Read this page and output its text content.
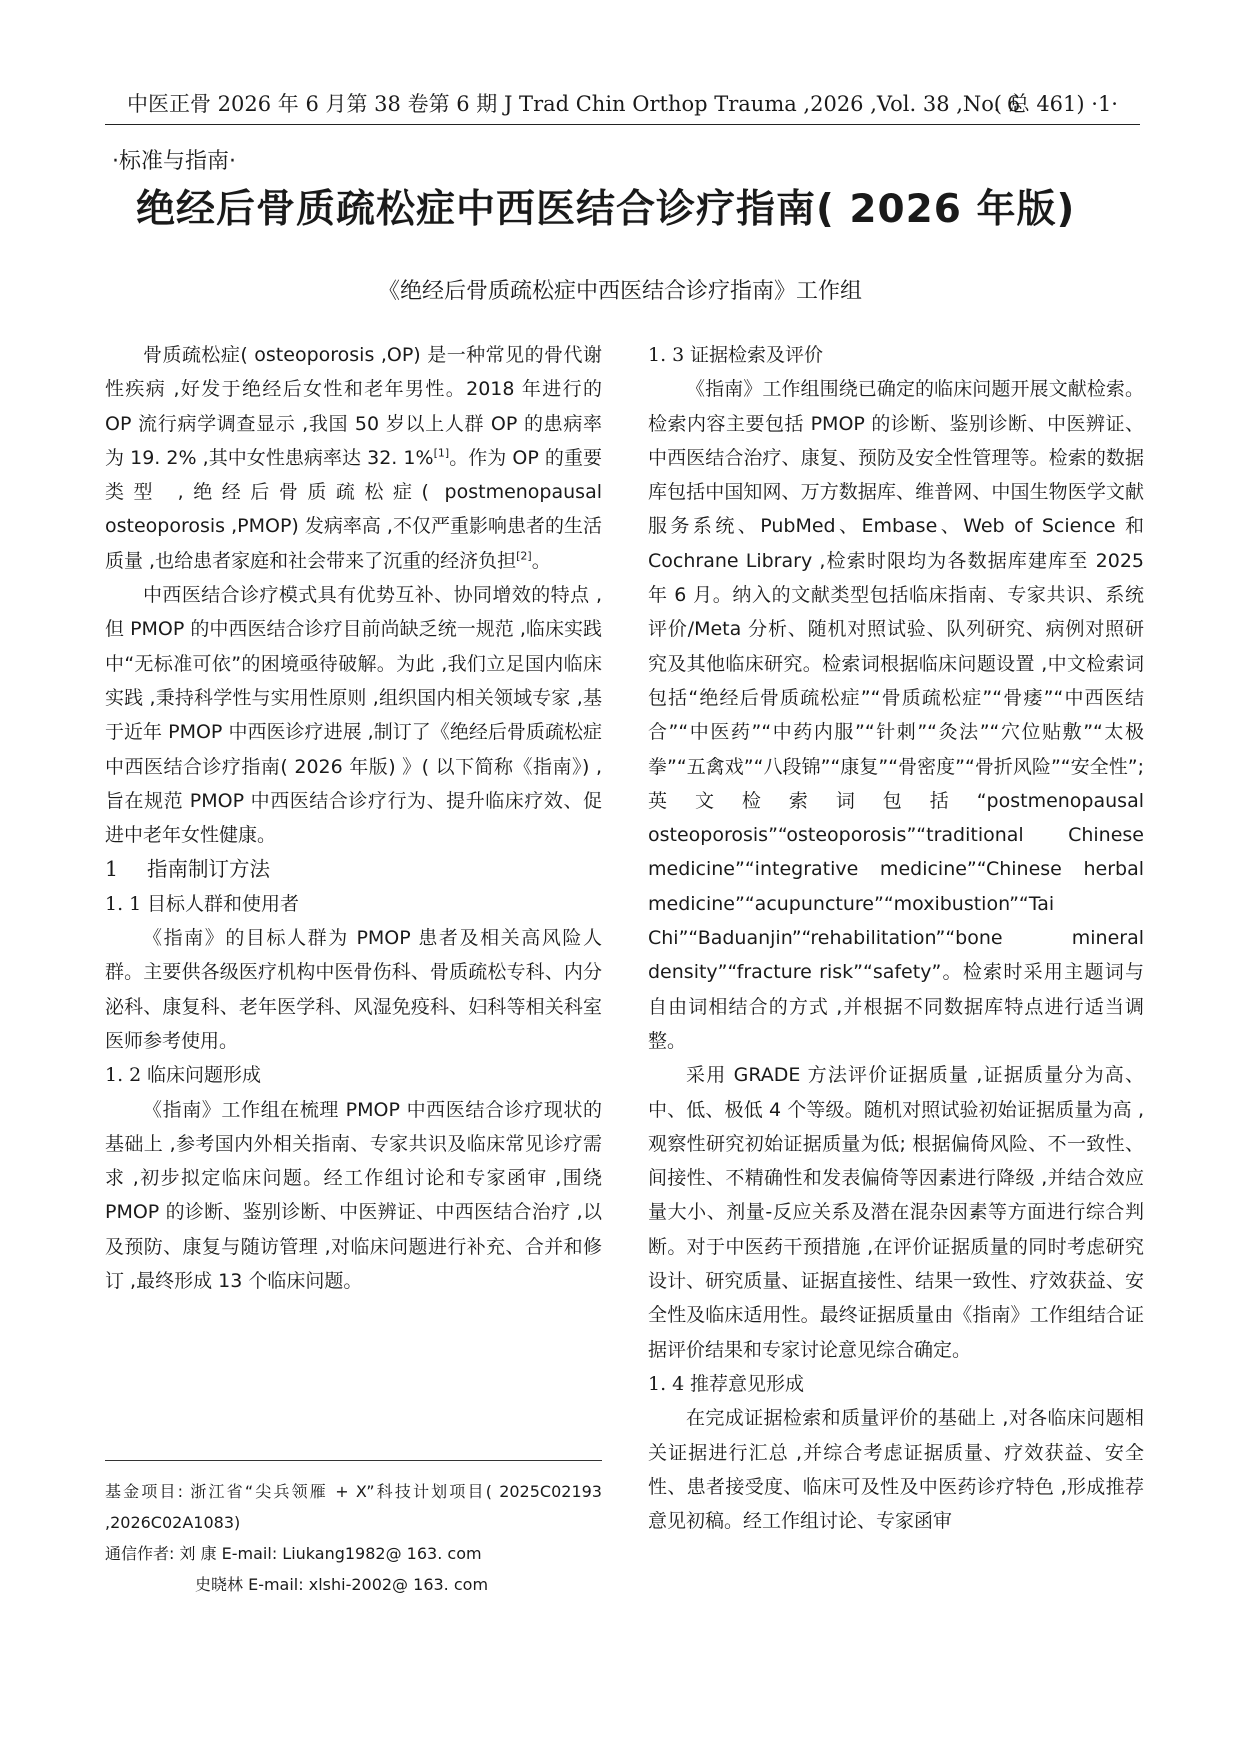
中医正骨 2026 年 6 月第 38 卷第 6 期 J Trad Chin Orthop Trauma ,2026 ,Vol. 38 ,No. 6
( 总 461) ·1·
·标准与指南·
绝经后骨质疏松症中西医结合诊疗指南( 2026 年版)
《绝经后骨质疏松症中西医结合诊疗指南》工作组

骨质疏松症( osteoporosis ,OP) 是一种常见的骨代谢性疾病 ,好发于绝经后女性和老年男性。2018 年进行的 OP 流行病学调查显示 ,我国 50 岁以上人群 OP 的患病率为 19. 2% ,其中女性患病率达 32. 1%[1]。作为 OP 的重要类型 ,绝经后骨质疏松症( postmenopausal osteoporosis ,PMOP) 发病率高 ,不仅严重影响患者的生活质量 ,也给患者家庭和社会带来了沉重的经济负担[2]。

中西医结合诊疗模式具有优势互补、协同增效的特点 ,但 PMOP 的中西医结合诊疗目前尚缺乏统一规范 ,临床实践中“无标准可依”的困境亟待破解。为此 ,我们立足国内临床实践 ,秉持科学性与实用性原则 ,组织国内相关领域专家 ,基于近年 PMOP 中西医诊疗进展 ,制订了《绝经后骨质疏松症中西医结合诊疗指南( 2026 年版) 》( 以下简称《指南》) ,旨在规范 PMOP 中西医结合诊疗行为、提升临床疗效、促进中老年女性健康。

1 指南制订方法
1. 1 目标人群和使用者

《指南》的目标人群为 PMOP 患者及相关高风险人群。主要供各级医疗机构中医骨伤科、骨质疏松专科、内分泌科、康复科、老年医学科、风湿免疫科、妇科等相关科室医师参考使用。

1. 2 临床问题形成

《指南》工作组在梳理 PMOP 中西医结合诊疗现状的基础上 ,参考国内外相关指南、专家共识及临床常见诊疗需求 ,初步拟定临床问题。经工作组讨论和专家函审 ,围绕 PMOP 的诊断、鉴别诊断、中医辨证、中西医结合治疗 ,以及预防、康复与随访管理 ,对临床问题进行补充、合并和修订 ,最终形成 13 个临床问题。

基金项目: 浙江省“尖兵领雁 + X”科技计划项目( 2025C02193 ,2026C02A1083)
通信作者: 刘 康 E-mail: Liukang1982@ 163. com
史晓林 E-mail: xlshi-2002@ 163. com
1. 3 证据检索及评价

《指南》工作组围绕已确定的临床问题开展文献检索。检索内容主要包括 PMOP 的诊断、鉴别诊断、中医辨证、中西医结合治疗、康复、预防及安全性管理等。检索的数据库包括中国知网、万方数据库、维普网、中国生物医学文献服务系统、PubMed、Embase、Web of Science 和 Cochrane Library ,检索时限均为各数据库建库至 2025 年 6 月。纳入的文献类型包括临床指南、专家共识、系统评价/Meta 分析、随机对照试验、队列研究、病例对照研究及其他临床研究。检索词根据临床问题设置 ,中文检索词包括“绝经后骨质疏松症”“骨质疏松症”“骨痿”“中西医结合”“中医药”“中药内服”“针刺”“灸法”“穴位贴敷”“太极拳”“五禽戏”“八段锦”“康复”“骨密度”“骨折风险”“安全性”; 英文检索词包括“postmenopausal osteoporosis”“osteoporosis”“traditional Chinese medicine”“integrative medicine”“Chinese herbal medicine”“acupuncture”“moxibustion”“Tai Chi”“Baduanjin”“rehabilitation”“bone mineral density”“fracture risk”“safety”。检索时采用主题词与自由词相结合的方式 ,并根据不同数据库特点进行适当调整。

采用 GRADE 方法评价证据质量 ,证据质量分为高、中、低、极低 4 个等级。随机对照试验初始证据质量为高 ,观察性研究初始证据质量为低; 根据偏倚风险、不一致性、间接性、不精确性和发表偏倚等因素进行降级 ,并结合效应量大小、剂量-反应关系及潜在混杂因素等方面进行综合判断。对于中医药干预措施 ,在评价证据质量的同时考虑研究设计、研究质量、证据直接性、结果一致性、疗效获益、安全性及临床适用性。最终证据质量由《指南》工作组结合证据评价结果和专家讨论意见综合确定。

1. 4 推荐意见形成

在完成证据检索和质量评价的基础上 ,对各临床问题相关证据进行汇总 ,并综合考虑证据质量、疗效获益、安全性、患者接受度、临床可及性及中医药诊疗特色 ,形成推荐意见初稿。经工作组讨论、专家函审
